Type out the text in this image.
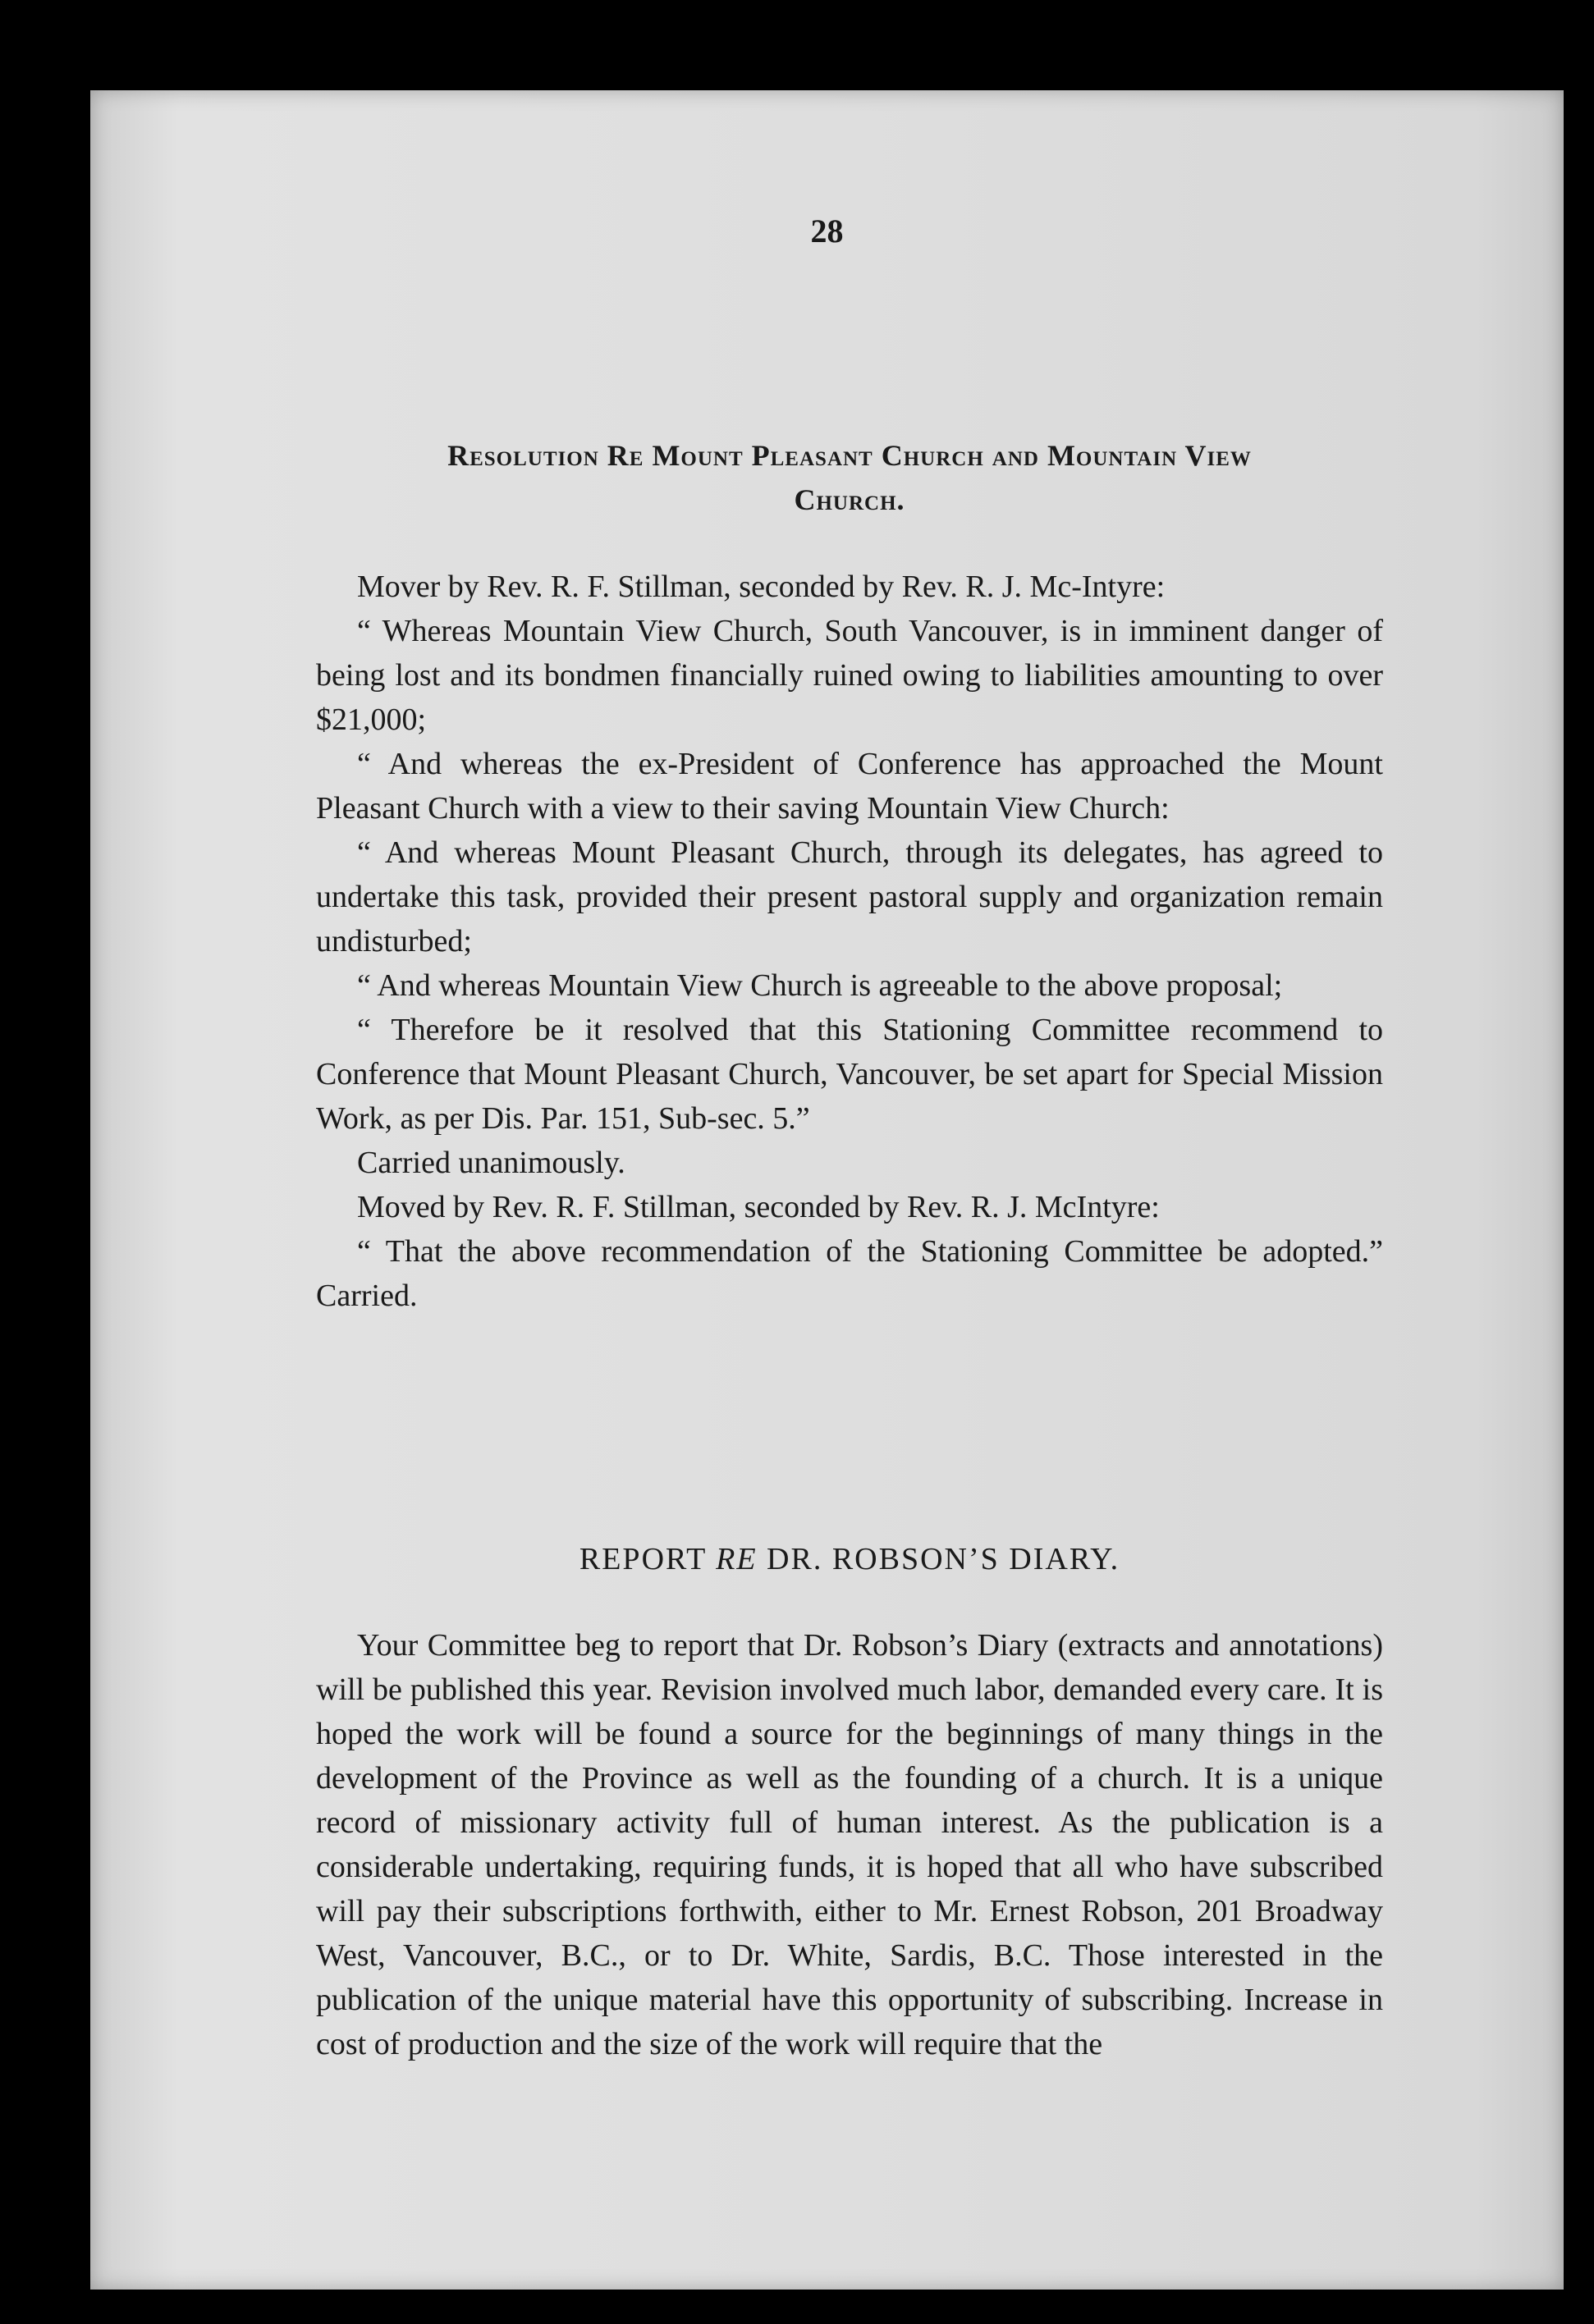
28
Resolution Re Mount Pleasant Church and Mountain View
Church.

Mover by Rev. R. F. Stillman, seconded by Rev. R. J. Mc-Intyre:

“ Whereas Mountain View Church, South Vancouver, is in imminent danger of being lost and its bondmen financially ruined owing to liabilities amounting to over $21,000;

“ And whereas the ex-President of Conference has approached the Mount Pleasant Church with a view to their saving Mountain View Church:

“ And whereas Mount Pleasant Church, through its delegates, has agreed to undertake this task, provided their present pastoral supply and organization remain undisturbed;

“ And whereas Mountain View Church is agreeable to the above proposal;

“ Therefore be it resolved that this Stationing Committee recommend to Conference that Mount Pleasant Church, Vancouver, be set apart for Special Mission Work, as per Dis. Par. 151, Sub-sec. 5.”

Carried unanimously.

Moved by Rev. R. F. Stillman, seconded by Rev. R. J. McIntyre:

“ That the above recommendation of the Stationing Committee be adopted.” Carried.

REPORT RE DR. ROBSON’S DIARY.

Your Committee beg to report that Dr. Robson’s Diary (extracts and annotations) will be published this year. Revision involved much labor, demanded every care. It is hoped the work will be found a source for the beginnings of many things in the development of the Province as well as the founding of a church. It is a unique record of missionary activity full of human interest. As the publication is a considerable undertaking, requiring funds, it is hoped that all who have subscribed will pay their subscriptions forthwith, either to Mr. Ernest Robson, 201 Broadway West, Vancouver, B.C., or to Dr. White, Sardis, B.C. Those interested in the publication of the unique material have this opportunity of subscribing. Increase in cost of production and the size of the work will require that the
